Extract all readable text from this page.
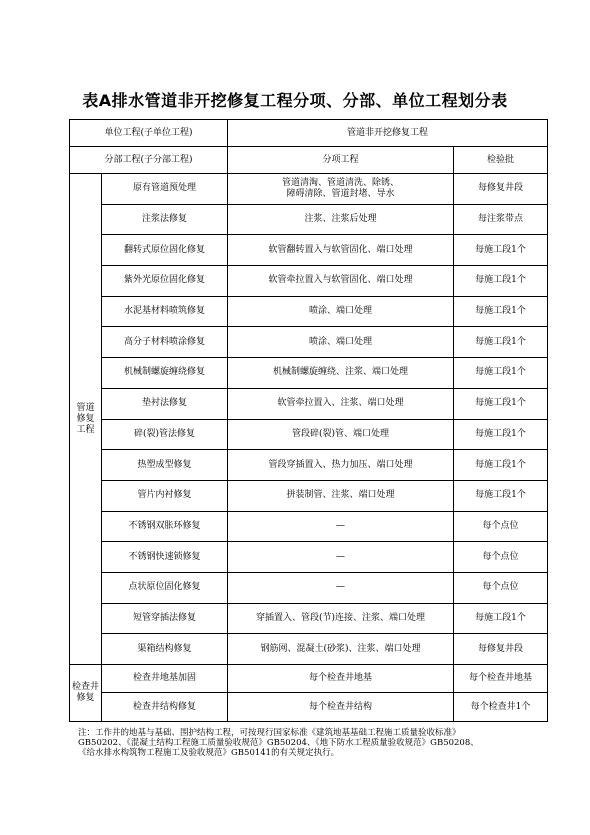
表A排水管道非开挖修复工程分项、分部、单位工程划分表
单位工程(子单位工程)		管道非开挖修复工程	
分部工程(子分部工程)		分项工程	检验批
管道
修复
工程	原有管道预处理	管道清淘、管道清洗、除锈、
障碍清除、管道封堵、导水	每修复井段
	注浆法修复	注浆、注浆后处理	每注浆带点
	翻转式原位固化修复	软管翻转置入与软管固化、端口处理	每施工段1个
	紫外光原位固化修复	软管牵拉置入与软管固化、端口处理	每施工段1个
	水泥基材料喷筑修复	喷涂、端口处理	每施工段1个
	高分子材料喷涂修复	喷涂、端口处理	每施工段1个
	机械制螺旋缠绕修复	机械制螺旋缠绕、注浆、端口处理	每施工段1个
	垫衬法修复	软管牵拉置入、注浆、端口处理	每施工段1个
	碎(裂)管法修复	管段碎(裂)管、端口处理	每施工段1个
	热塑成型修复	管段穿插置入、热力加压、端口处理	每施工段1个
	管片内衬修复	拼装制管、注浆、端口处理	每施工段1个
	不锈钢双胀环修复	—	每个点位
	不锈钢快速锁修复	—	每个点位
	点状原位固化修复	—	每个点位
	短管穿插法修复	穿插置入、管段(节)连接、注浆、端口处理	每施工段1个
	渠箱结构修复	钢筋网、混凝土(砂浆)、注浆、端口处理	每修复井段
检查井
修复	检查井地基加固	每个检查井地基	每个检查井地基
	检查井结构修复	每个检查井结构	每个检查井1个
注：工作井的地基与基础、围护结构工程，可按现行国家标准《建筑地基基础工程施工质量验收标准》
GB50202、《混凝土结构工程施工质量验收规范》GB50204、《地下防水工程质量验收规范》GB50208、
《给水排水构筑物工程施工及验收规范》GB50141的有关规定执行。
